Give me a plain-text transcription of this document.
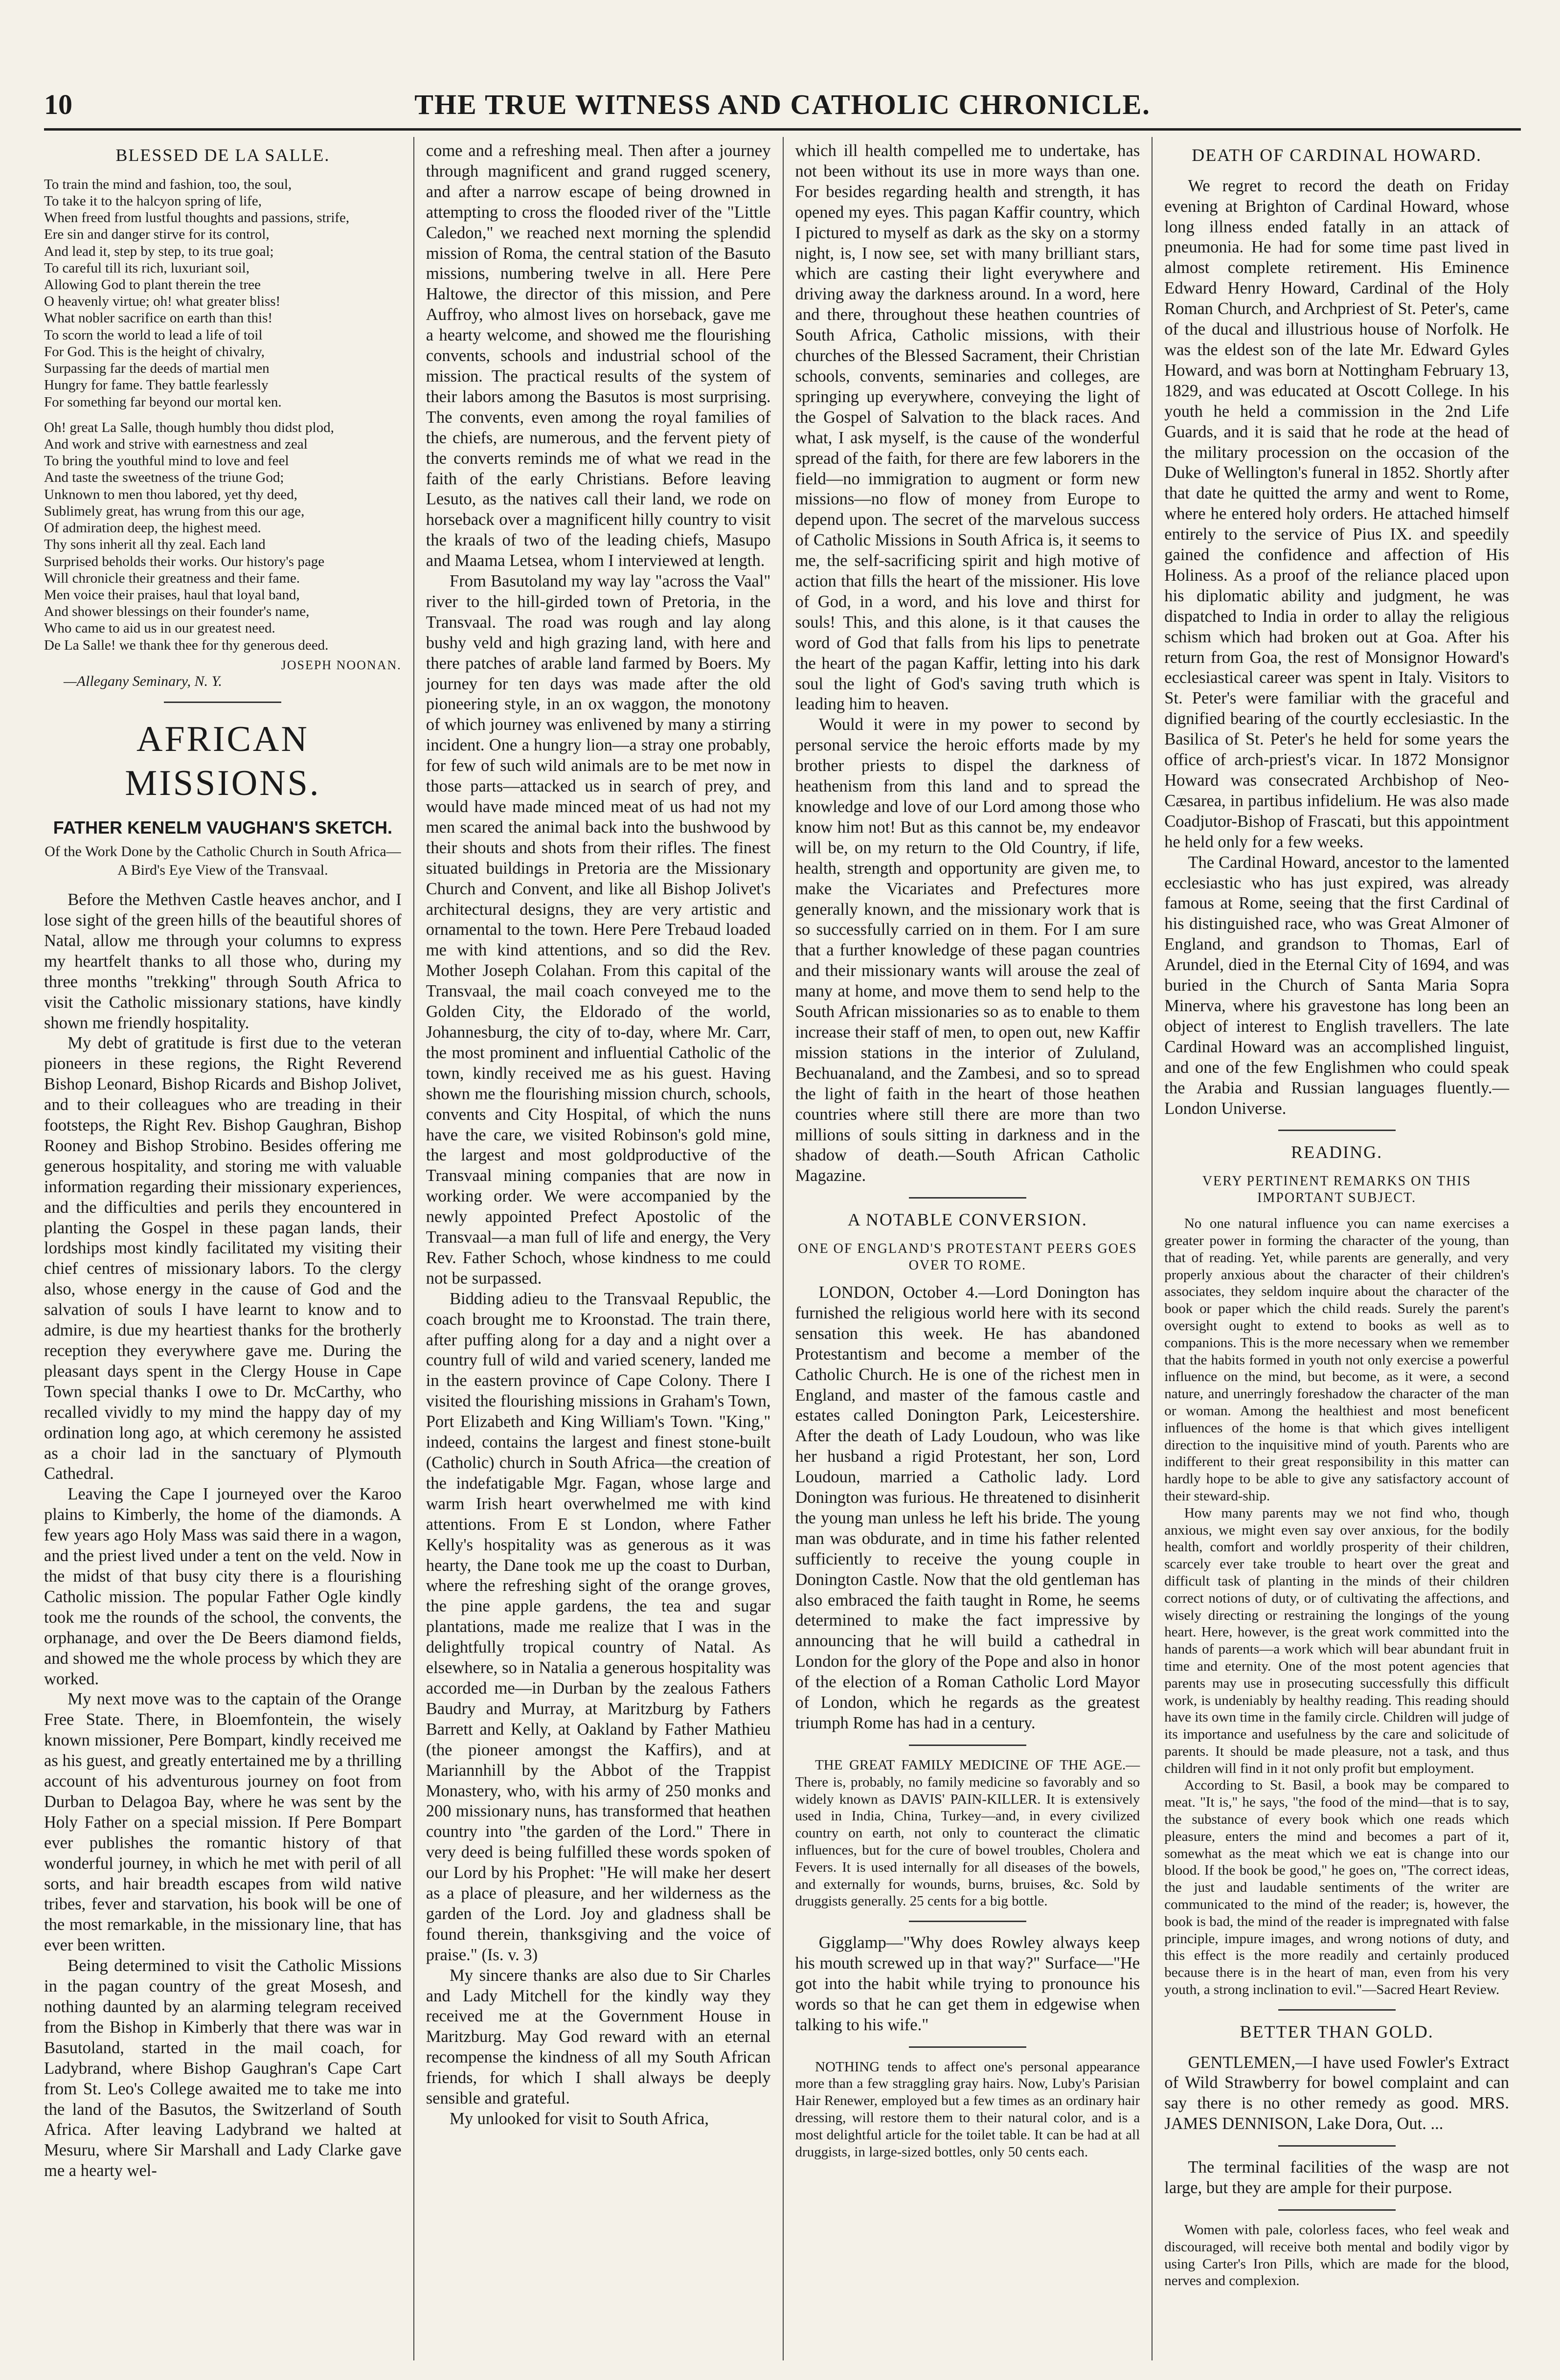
10	THE TRUE WITNESS AND CATHOLIC CHRONICLE.
BLESSED DE LA SALLE.
To train the mind and fashion, too, the soul,
To take it to the halcyon spring of life,
When freed from lustful thoughts and passions, strife,
Ere sin and danger stirve for its control,
And lead it, step by step, to its true goal;
To careful till its rich, luxuriant soil,
Allowing God to plant therein the tree
O heavenly virtue; oh! what greater bliss!
What nobler sacrifice on earth than this!
To scorn the world to lead a life of toil
For God. This is the height of chivalry,
Surpassing far the deeds of martial men
Hungry for fame. They battle fearlessly
For something far beyond our mortal ken.
Oh! great La Salle, though humbly thou didst plod,
And work and strive with earnestness and zeal
To bring the youthful mind to love and feel
And taste the sweetness of the triune God;
Unknown to men thou labored, yet thy deed,
Sublimely great, has wrung from this our age,
Of admiration deep, the highest meed.
Thy sons inherit all thy zeal. Each land
Surprised beholds their works. Our history's page
Will chronicle their greatness and their fame.
Men voice their praises, haul that loyal band,
And shower blessings on their founder's name,
Who came to aid us in our greatest need.
De La Salle! we thank thee for thy generous deed.
JOSEPH NOONAN.
—Allegany Seminary, N. Y.
AFRICAN MISSIONS.
FATHER KENELM VAUGHAN'S SKETCH.
Of the Work Done by the Catholic Church in South Africa—A Bird's Eye View of the Transvaal.

Before the Methven Castle heaves anchor, and I lose sight of the green hills of the beautiful shores of Natal, allow me through your columns to express my heartfelt thanks to all those who, during my three months "trekking" through South Africa to visit the Catholic missionary stations, have kindly shown me friendly hospitality.

My debt of gratitude is first due to the veteran pioneers in these regions, the Right Reverend Bishop Leonard, Bishop Ricards and Bishop Jolivet, and to their colleagues who are treading in their footsteps, the Right Rev. Bishop Gaughran, Bishop Rooney and Bishop Strobino. Besides offering me generous hospitality, and storing me with valuable information regarding their missionary experiences, and the difficulties and perils they encountered in planting the Gospel in these pagan lands, their lordships most kindly facilitated my visiting their chief centres of missionary labors. To the clergy also, whose energy in the cause of God and the salvation of souls I have learnt to know and to admire, is due my heartiest thanks for the brotherly reception they everywhere gave me. During the pleasant days spent in the Clergy House in Cape Town special thanks I owe to Dr. McCarthy, who recalled vividly to my mind the happy day of my ordination long ago, at which ceremony he assisted as a choir lad in the sanctuary of Plymouth Cathedral.

Leaving the Cape I journeyed over the Karoo plains to Kimberly, the home of the diamonds. A few years ago Holy Mass was said there in a wagon, and the priest lived under a tent on the veld. Now in the midst of that busy city there is a flourishing Catholic mission. The popular Father Ogle kindly took me the rounds of the school, the convents, the orphanage, and over the De Beers diamond fields, and showed me the whole process by which they are worked.

My next move was to the captain of the Orange Free State. There, in Bloemfontein, the wisely known missioner, Pere Bompart, kindly received me as his guest, and greatly entertained me by a thrilling account of his adventurous journey on foot from Durban to Delagoa Bay, where he was sent by the Holy Father on a special mission. If Pere Bompart ever publishes the romantic history of that wonderful journey, in which he met with peril of all sorts, and hair breadth escapes from wild native tribes, fever and starvation, his book will be one of the most remarkable, in the missionary line, that has ever been written.

Being determined to visit the Catholic Missions in the pagan country of the great Mosesh, and nothing daunted by an alarming telegram received from the Bishop in Kimberly that there was war in Basutoland, started in the mail coach, for Ladybrand, where Bishop Gaughran's Cape Cart from St. Leo's College awaited me to take me into the land of the Basutos, the Switzerland of South Africa. After leaving Ladybrand we halted at Mesuru, where Sir Marshall and Lady Clarke gave me a hearty wel-

come and a refreshing meal. Then after a journey through magnificent and grand rugged scenery, and after a narrow escape of being drowned in attempting to cross the flooded river of the "Little Caledon," we reached next morning the splendid mission of Roma, the central station of the Basuto missions, numbering twelve in all. Here Pere Haltowe, the director of this mission, and Pere Auffroy, who almost lives on horseback, gave me a hearty welcome, and showed me the flourishing convents, schools and industrial school of the mission. The practical results of the system of their labors among the Basutos is most surprising. The convents, even among the royal families of the chiefs, are numerous, and the fervent piety of the converts reminds me of what we read in the faith of the early Christians. Before leaving Lesuto, as the natives call their land, we rode on horseback over a magnificent hilly country to visit the kraals of two of the leading chiefs, Masupo and Maama Letsea, whom I interviewed at length.

From Basutoland my way lay "across the Vaal" river to the hill-girded town of Pretoria, in the Transvaal. The road was rough and lay along bushy veld and high grazing land, with here and there patches of arable land farmed by Boers. My journey for ten days was made after the old pioneering style, in an ox waggon, the monotony of which journey was enlivened by many a stirring incident. One a hungry lion—a stray one probably, for few of such wild animals are to be met now in those parts—attacked us in search of prey, and would have made minced meat of us had not my men scared the animal back into the bushwood by their shouts and shots from their rifles. The finest situated buildings in Pretoria are the Missionary Church and Convent, and like all Bishop Jolivet's architectural designs, they are very artistic and ornamental to the town. Here Pere Trebaud loaded me with kind attentions, and so did the Rev. Mother Joseph Colahan. From this capital of the Transvaal, the mail coach conveyed me to the Golden City, the Eldorado of the world, Johannesburg, the city of to-day, where Mr. Carr, the most prominent and influential Catholic of the town, kindly received me as his guest. Having shown me the flourishing mission church, schools, convents and City Hospital, of which the nuns have the care, we visited Robinson's gold mine, the largest and most goldproductive of the Transvaal mining companies that are now in working order. We were accompanied by the newly appointed Prefect Apostolic of the Transvaal—a man full of life and energy, the Very Rev. Father Schoch, whose kindness to me could not be surpassed.

Bidding adieu to the Transvaal Republic, the coach brought me to Kroonstad. The train there, after puffing along for a day and a night over a country full of wild and varied scenery, landed me in the eastern province of Cape Colony. There I visited the flourishing missions in Graham's Town, Port Elizabeth and King William's Town. "King," indeed, contains the largest and finest stone-built (Catholic) church in South Africa—the creation of the indefatigable Mgr. Fagan, whose large and warm Irish heart overwhelmed me with kind attentions. From E st London, where Father Kelly's hospitality was as generous as it was hearty, the Dane took me up the coast to Durban, where the refreshing sight of the orange groves, the pine apple gardens, the tea and sugar plantations, made me realize that I was in the delightfully tropical country of Natal. As elsewhere, so in Natalia a generous hospitality was accorded me—in Durban by the zealous Fathers Baudry and Murray, at Maritzburg by Fathers Barrett and Kelly, at Oakland by Father Mathieu (the pioneer amongst the Kaffirs), and at Mariannhill by the Abbot of the Trappist Monastery, who, with his army of 250 monks and 200 missionary nuns, has transformed that heathen country into "the garden of the Lord." There in very deed is being fulfilled these words spoken of our Lord by his Prophet: "He will make her desert as a place of pleasure, and her wilderness as the garden of the Lord. Joy and gladness shall be found therein, thanksgiving and the voice of praise." (Is. v. 3)

My sincere thanks are also due to Sir Charles and Lady Mitchell for the kindly way they received me at the Government House in Maritzburg. May God reward with an eternal recompense the kindness of all my South African friends, for which I shall always be deeply sensible and grateful.

My unlooked for visit to South Africa,

which ill health compelled me to undertake, has not been without its use in more ways than one. For besides regarding health and strength, it has opened my eyes. This pagan Kaffir country, which I pictured to myself as dark as the sky on a stormy night, is, I now see, set with many brilliant stars, which are casting their light everywhere and driving away the darkness around. In a word, here and there, throughout these heathen countries of South Africa, Catholic missions, with their churches of the Blessed Sacrament, their Christian schools, convents, seminaries and colleges, are springing up everywhere, conveying the light of the Gospel of Salvation to the black races. And what, I ask myself, is the cause of the wonderful spread of the faith, for there are few laborers in the field—no immigration to augment or form new missions—no flow of money from Europe to depend upon. The secret of the marvelous success of Catholic Missions in South Africa is, it seems to me, the self-sacrificing spirit and high motive of action that fills the heart of the missioner. His love of God, in a word, and his love and thirst for souls! This, and this alone, is it that causes the word of God that falls from his lips to penetrate the heart of the pagan Kaffir, letting into his dark soul the light of God's saving truth which is leading him to heaven.

Would it were in my power to second by personal service the heroic efforts made by my brother priests to dispel the darkness of heathenism from this land and to spread the knowledge and love of our Lord among those who know him not! But as this cannot be, my endeavor will be, on my return to the Old Country, if life, health, strength and opportunity are given me, to make the Vicariates and Prefectures more generally known, and the missionary work that is so successfully carried on in them. For I am sure that a further knowledge of these pagan countries and their missionary wants will arouse the zeal of many at home, and move them to send help to the South African missionaries so as to enable to them increase their staff of men, to open out, new Kaffir mission stations in the interior of Zululand, Bechuanaland, and the Zambesi, and so to spread the light of faith in the heart of those heathen countries where still there are more than two millions of souls sitting in darkness and in the shadow of death.—South African Catholic Magazine.

A NOTABLE CONVERSION.
ONE OF ENGLAND'S PROTESTANT PEERS GOES OVER TO ROME.

LONDON, October 4.—Lord Donington has furnished the religious world here with its second sensation this week. He has abandoned Protestantism and become a member of the Catholic Church. He is one of the richest men in England, and master of the famous castle and estates called Donington Park, Leicestershire. After the death of Lady Loudoun, who was like her husband a rigid Protestant, her son, Lord Loudoun, married a Catholic lady. Lord Donington was furious. He threatened to disinherit the young man unless he left his bride. The young man was obdurate, and in time his father relented sufficiently to receive the young couple in Donington Castle. Now that the old gentleman has also embraced the faith taught in Rome, he seems determined to make the fact impressive by announcing that he will build a cathedral in London for the glory of the Pope and also in honor of the election of a Roman Catholic Lord Mayor of London, which he regards as the greatest triumph Rome has had in a century.

THE GREAT FAMILY MEDICINE OF THE AGE.—There is, probably, no family medicine so favorably and so widely known as DAVIS' PAIN-KILLER. It is extensively used in India, China, Turkey—and, in every civilized country on earth, not only to counteract the climatic influences, but for the cure of bowel troubles, Cholera and Fevers. It is used internally for all diseases of the bowels, and externally for wounds, burns, bruises, &c. Sold by druggists generally. 25 cents for a big bottle.

Gigglamp—"Why does Rowley always keep his mouth screwed up in that way?" Surface—"He got into the habit while trying to pronounce his words so that he can get them in edgewise when talking to his wife."

NOTHING tends to affect one's personal appearance more than a few straggling gray hairs. Now, Luby's Parisian Hair Renewer, employed but a few times as an ordinary hair dressing, will restore them to their natural color, and is a most delightful article for the toilet table. It can be had at all druggists, in large-sized bottles, only 50 cents each.

DEATH OF CARDINAL HOWARD.

We regret to record the death on Friday evening at Brighton of Cardinal Howard, whose long illness ended fatally in an attack of pneumonia. He had for some time past lived in almost complete retirement. His Eminence Edward Henry Howard, Cardinal of the Holy Roman Church, and Archpriest of St. Peter's, came of the ducal and illustrious house of Norfolk. He was the eldest son of the late Mr. Edward Gyles Howard, and was born at Nottingham February 13, 1829, and was educated at Oscott College. In his youth he held a commission in the 2nd Life Guards, and it is said that he rode at the head of the military procession on the occasion of the Duke of Wellington's funeral in 1852. Shortly after that date he quitted the army and went to Rome, where he entered holy orders. He attached himself entirely to the service of Pius IX. and speedily gained the confidence and affection of His Holiness. As a proof of the reliance placed upon his diplomatic ability and judgment, he was dispatched to India in order to allay the religious schism which had broken out at Goa. After his return from Goa, the rest of Monsignor Howard's ecclesiastical career was spent in Italy. Visitors to St. Peter's were familiar with the graceful and dignified bearing of the courtly ecclesiastic. In the Basilica of St. Peter's he held for some years the office of arch-priest's vicar. In 1872 Monsignor Howard was consecrated Archbishop of Neo-Cæsarea, in partibus infidelium. He was also made Coadjutor-Bishop of Frascati, but this appointment he held only for a few weeks.

The Cardinal Howard, ancestor to the lamented ecclesiastic who has just expired, was already famous at Rome, seeing that the first Cardinal of his distinguished race, who was Great Almoner of England, and grandson to Thomas, Earl of Arundel, died in the Eternal City of 1694, and was buried in the Church of Santa Maria Sopra Minerva, where his gravestone has long been an object of interest to English travellers. The late Cardinal Howard was an accomplished linguist, and one of the few Englishmen who could speak the Arabia and Russian languages fluently.—London Universe.

READING.
VERY PERTINENT REMARKS ON THIS IMPORTANT SUBJECT.

No one natural influence you can name exercises a greater power in forming the character of the young, than that of reading. Yet, while parents are generally, and very properly anxious about the character of their children's associates, they seldom inquire about the character of the book or paper which the child reads. Surely the parent's oversight ought to extend to books as well as to companions. This is the more necessary when we remember that the habits formed in youth not only exercise a powerful influence on the mind, but become, as it were, a second nature, and unerringly foreshadow the character of the man or woman. Among the healthiest and most beneficent influences of the home is that which gives intelligent direction to the inquisitive mind of youth. Parents who are indifferent to their great responsibility in this matter can hardly hope to be able to give any satisfactory account of their steward-ship.

How many parents may we not find who, though anxious, we might even say over anxious, for the bodily health, comfort and worldly prosperity of their children, scarcely ever take trouble to heart over the great and difficult task of planting in the minds of their children correct notions of duty, or of cultivating the affections, and wisely directing or restraining the longings of the young heart. Here, however, is the great work committed into the hands of parents—a work which will bear abundant fruit in time and eternity. One of the most potent agencies that parents may use in prosecuting successfully this difficult work, is undeniably by healthy reading. This reading should have its own time in the family circle. Children will judge of its importance and usefulness by the care and solicitude of parents. It should be made pleasure, not a task, and thus children will find in it not only profit but employment.

According to St. Basil, a book may be compared to meat. "It is," he says, "the food of the mind—that is to say, the substance of every book which one reads which pleasure, enters the mind and becomes a part of it, somewhat as the meat which we eat is change into our blood. If the book be good," he goes on, "The correct ideas, the just and laudable sentiments of the writer are communicated to the mind of the reader; is, however, the book is bad, the mind of the reader is impregnated with false principle, impure images, and wrong notions of duty, and this effect is the more readily and certainly produced because there is in the heart of man, even from his very youth, a strong inclination to evil."—Sacred Heart Review.

BETTER THAN GOLD.

GENTLEMEN,—I have used Fowler's Extract of Wild Strawberry for bowel complaint and can say there is no other remedy as good. MRS. JAMES DENNISON, Lake Dora, Out. ...

The terminal facilities of the wasp are not large, but they are ample for their purpose.

Women with pale, colorless faces, who feel weak and discouraged, will receive both mental and bodily vigor by using Carter's Iron Pills, which are made for the blood, nerves and complexion.
